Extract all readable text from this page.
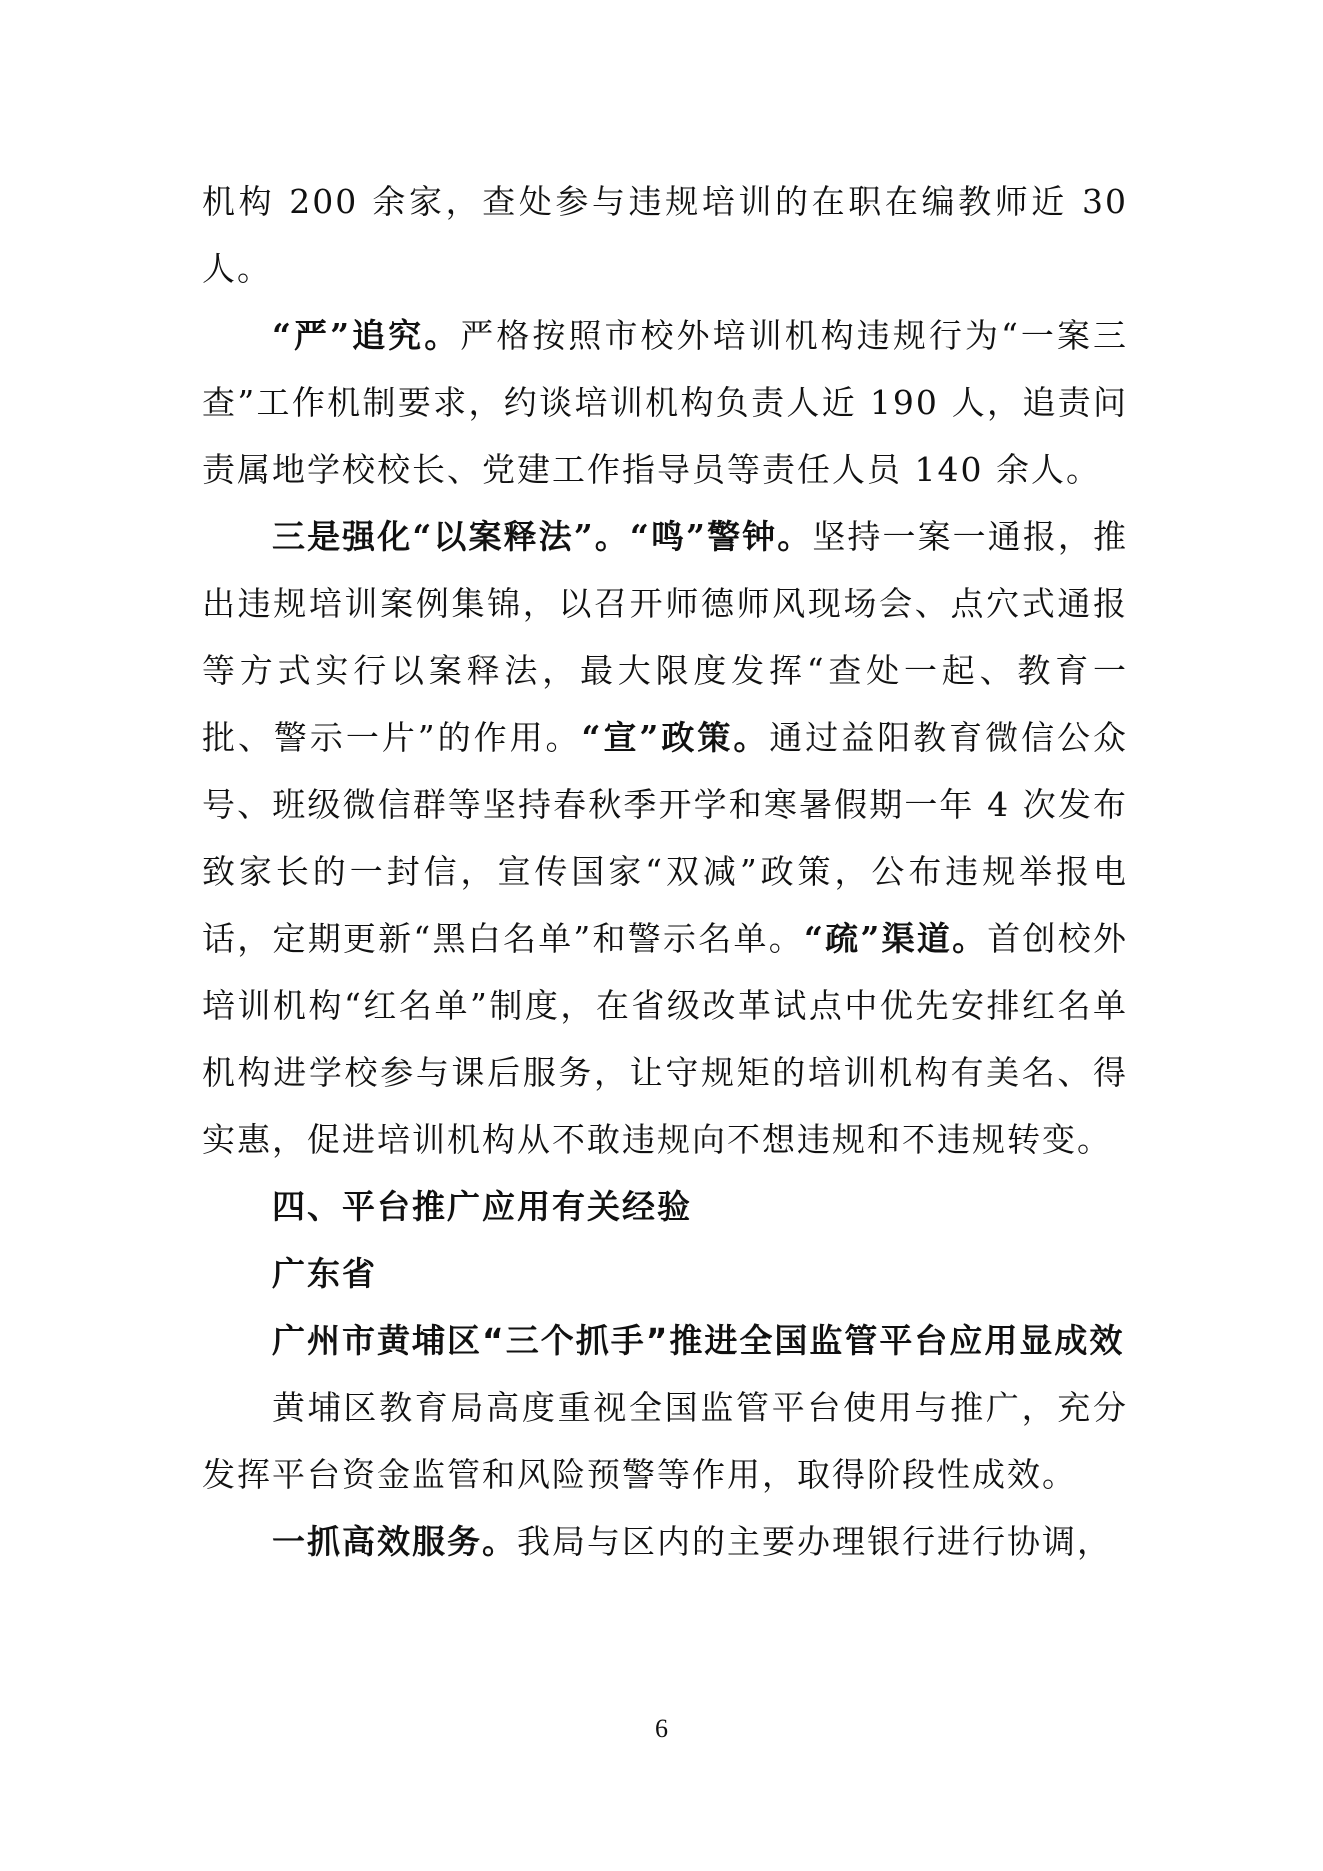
机构 200 余家，查处参与违规培训的在职在编教师近 30 人。

“严”追究。严格按照市校外培训机构违规行为“一案三查”工作机制要求，约谈培训机构负责人近 190 人，追责问责属地学校校长、党建工作指导员等责任人员 140 余人。

三是强化“以案释法”。“鸣”警钟。坚持一案一通报，推出违规培训案例集锦，以召开师德师风现场会、点穴式通报等方式实行以案释法，最大限度发挥“查处一起、教育一批、警示一片”的作用。“宣”政策。通过益阳教育微信公众号、班级微信群等坚持春秋季开学和寒暑假期一年 4 次发布致家长的一封信，宣传国家“双减”政策，公布违规举报电话，定期更新“黑白名单”和警示名单。“疏”渠道。首创校外培训机构“红名单”制度，在省级改革试点中优先安排红名单机构进学校参与课后服务，让守规矩的培训机构有美名、得实惠，促进培训机构从不敢违规向不想违规和不违规转变。

四、平台推广应用有关经验

广东省

广州市黄埔区“三个抓手”推进全国监管平台应用显成效

黄埔区教育局高度重视全国监管平台使用与推广，充分发挥平台资金监管和风险预警等作用，取得阶段性成效。

一抓高效服务。我局与区内的主要办理银行进行协调，

6
